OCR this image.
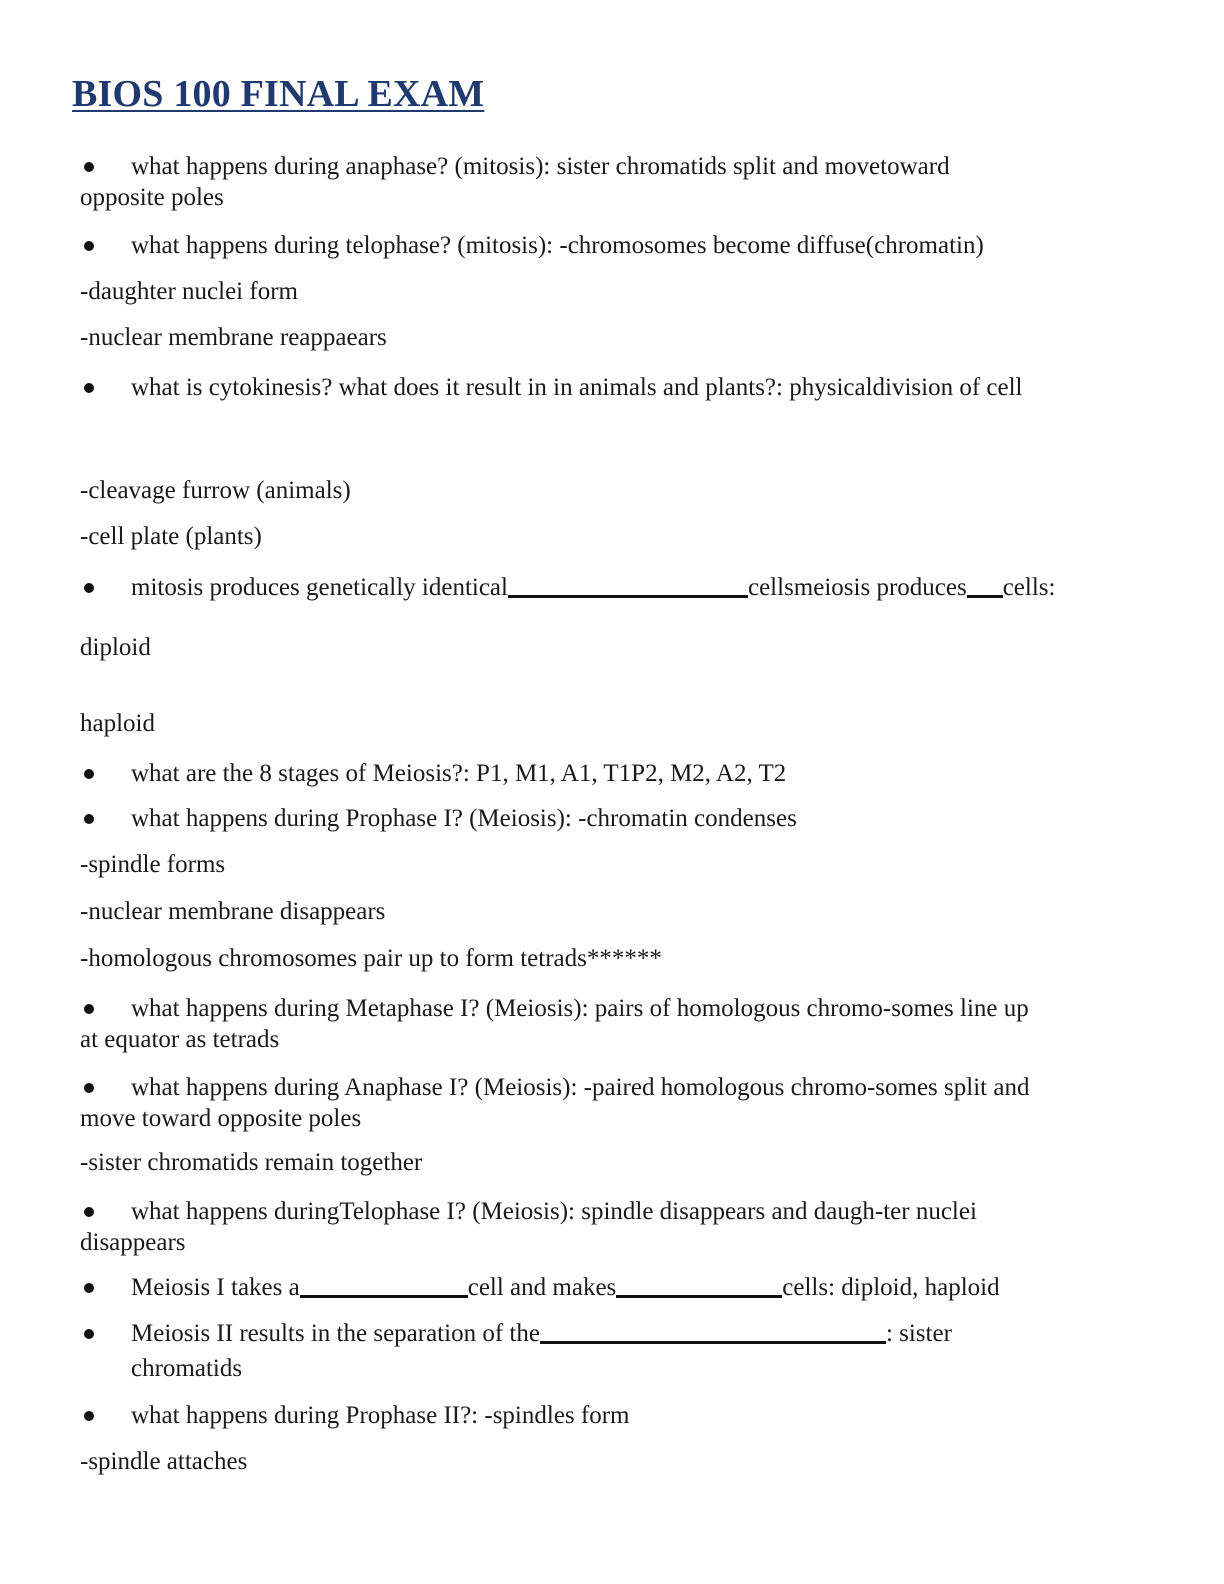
BIOS 100 FINAL EXAM
what happens during anaphase? (mitosis): sister chromatids split and movetoward
opposite poles
what happens during telophase? (mitosis): -chromosomes become diffuse(chromatin)
-daughter nuclei form
-nuclear membrane reappaears
what is cytokinesis? what does it result in in animals and plants?: physicaldivision of cell
-cleavage furrow (animals)
-cell plate (plants)
mitosis produces genetically identical	cellsmeiosis produces cells:
diploid
haploid
what are the 8 stages of Meiosis?: P1, M1, A1, T1P2, M2, A2, T2
what happens during Prophase I? (Meiosis): -chromatin condenses
-spindle forms
-nuclear membrane disappears
-homologous chromosomes pair up to form tetrads******
what happens during Metaphase I? (Meiosis): pairs of homologous chromo-somes line up
at equator as tetrads
what happens during Anaphase I? (Meiosis): -paired homologous chromo-somes split and
move toward opposite poles
-sister chromatids remain together
what happens duringTelophase I? (Meiosis): spindle disappears and daugh-ter nuclei
disappears
Meiosis I takes a	cell and makes	cells: diploid, haploid
Meiosis II results in the separation of the	: sister
chromatids
what happens during Prophase II?: -spindles form
-spindle attaches
